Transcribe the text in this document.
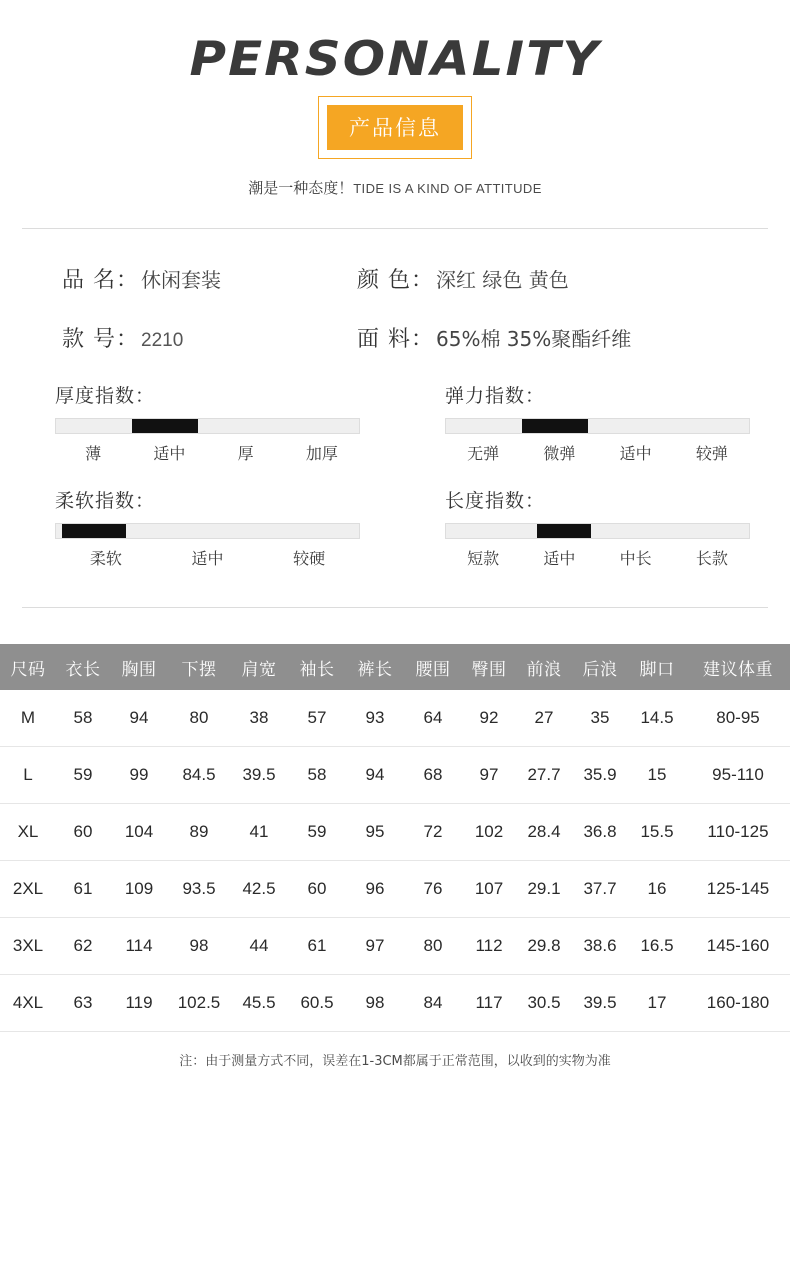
PERSONALITY
产品信息
潮是一种态度！TIDE IS A KIND OF ATTITUDE
品 名： 休闲套装	颜 色： 深红 绿色 黄色
款 号： 2210	面 料： 65%棉 35%聚酯纤维
厚度指数：
薄	适中	厚	加厚
弹力指数：
无弹	微弹	适中	较弹
柔软指数：
柔软	适中	较硬
长度指数：
短款	适中	中长	长款
尺码	衣长	胸围	下摆	肩宽	袖长	裤长	腰围	臀围	前浪	后浪	脚口	建议体重
M	58	94	80	38	57	93	64	92	27	35	14.5	80-95
L	59	99	84.5	39.5	58	94	68	97	27.7	35.9	15	95-110
XL	60	104	89	41	59	95	72	102	28.4	36.8	15.5	110-125
2XL	61	109	93.5	42.5	60	96	76	107	29.1	37.7	16	125-145
3XL	62	114	98	44	61	97	80	112	29.8	38.6	16.5	145-160
4XL	63	119	102.5	45.5	60.5	98	84	117	30.5	39.5	17	160-180
注：由于测量方式不同，误差在1-3CM都属于正常范围，以收到的实物为准
